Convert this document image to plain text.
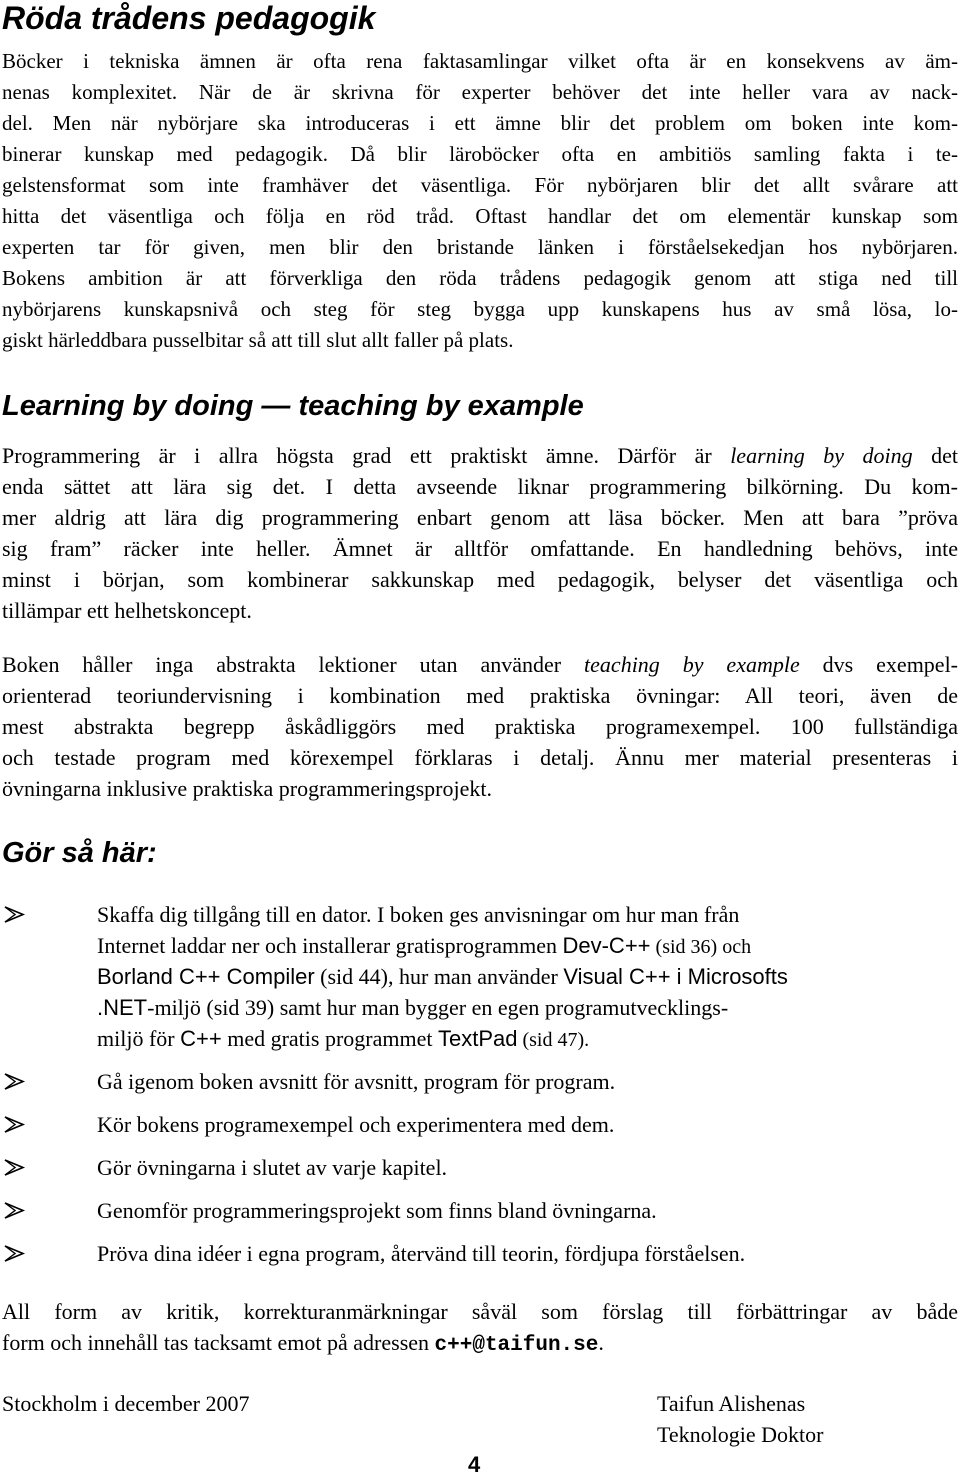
Röda trådens pedagogik
Böcker i tekniska ämnen är ofta rena faktasamlingar vilket ofta är en konsekvens av äm-
nenas komplexitet. När de är skrivna för experter behöver det inte heller vara av nack-
del. Men när nybörjare ska introduceras i ett ämne blir det problem om boken inte kom-
binerar kunskap med pedagogik. Då blir läroböcker ofta en ambitiös samling fakta i te-
gelstensformat som inte framhäver det väsentliga. För nybörjaren blir det allt svårare att
hitta det väsentliga och följa en röd tråd. Oftast handlar det om elementär kunskap som
experten tar för given, men blir den bristande länken i förståelsekedjan hos nybörjaren.
Bokens ambition är att förverkliga den röda trådens pedagogik genom att stiga ned till
nybörjarens kunskapsnivå och steg för steg bygga upp kunskapens hus av små lösa, lo-
giskt härleddbara pusselbitar så att till slut allt faller på plats.
Learning by doing — teaching by example
Programmering är i allra högsta grad ett praktiskt ämne. Därför är learning by doing det
enda sättet att lära sig det. I detta avseende liknar programmering bilkörning. Du kom-
mer aldrig att lära dig programmering enbart genom att läsa böcker. Men att bara ”pröva
sig fram” räcker inte heller. Ämnet är alltför omfattande. En handledning behövs, inte
minst i början, som kombinerar sakkunskap med pedagogik, belyser det väsentliga och
tillämpar ett helhetskoncept.
Boken håller inga abstrakta lektioner utan använder teaching by example dvs exempel-
orienterad teoriundervisning i kombination med praktiska övningar: All teori, även de
mest abstrakta begrepp åskådliggörs med praktiska programexempel. 100 fullständiga
och testade program med körexempel förklaras i detalj. Ännu mer material presenteras i
övningarna inklusive praktiska programmeringsprojekt.
Gör så här:
Skaffa dig tillgång till en dator. I boken ges anvisningar om hur man från
Internet laddar ner och installerar gratisprogrammen Dev-C++ (sid 36) och
Borland C++ Compiler (sid 44), hur man använder Visual C++ i Microsofts
.NET-miljö (sid 39) samt hur man bygger en egen programutvecklings-
miljö för C++ med gratis programmet TextPad (sid 47).
Gå igenom boken avsnitt för avsnitt, program för program.
Kör bokens programexempel och experimentera med dem.
Gör övningarna i slutet av varje kapitel.
Genomför programmeringsprojekt som finns bland övningarna.
Pröva dina idéer i egna program, återvänd till teorin, fördjupa förståelsen.
All form av kritik, korrekturanmärkningar såväl som förslag till förbättringar av både
form och innehåll tas tacksamt emot på adressen c++@taifun.se.
Stockholm i december 2007	Taifun Alishenas
Teknologie Doktor
4
